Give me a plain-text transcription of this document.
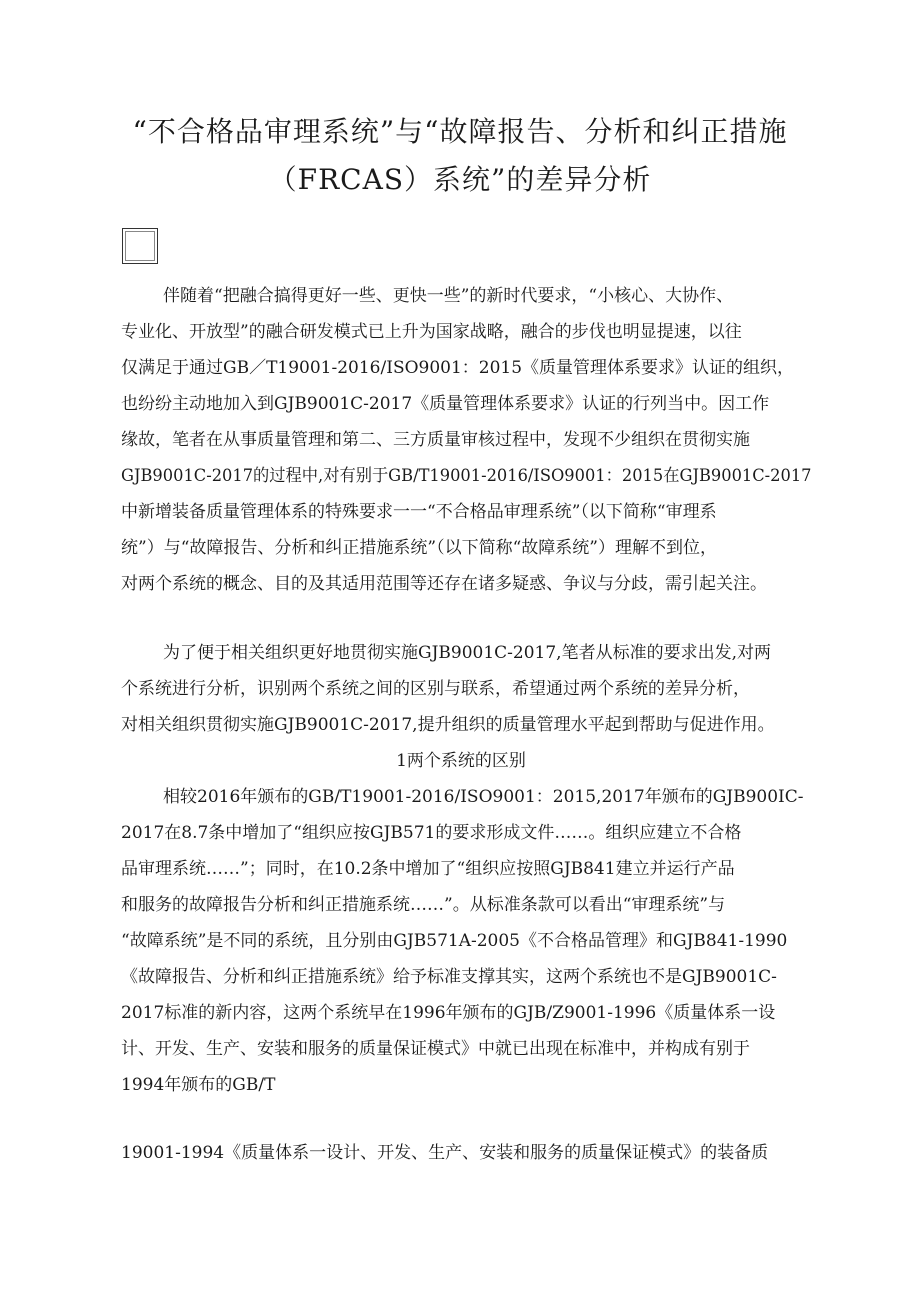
“不合格品审理系统”与“故障报告、分析和纠正措施
（FRCAS）系统”的差异分析
伴随着“把融合搞得更好一些、更快一些”的新时代要求，“小核心、大协作、
专业化、开放型”的融合研发模式已上升为国家战略，融合的步伐也明显提速，以往
仅满足于通过GB／T19001-2016/ISO9001：2015《质量管理体系要求》认证的组织，
也纷纷主动地加入到GJB9001C-2017《质量管理体系要求》认证的行列当中。因工作
缘故，笔者在从事质量管理和第二、三方质量审核过程中，发现不少组织在贯彻实施
GJB9001C-2017的过程中,对有别于GB/T19001-2016/ISO9001：2015在GJB9001C-2017
中新增装备质量管理体系的特殊要求一一“不合格品审理系统”（以下简称“审理系
统”）与“故障报告、分析和纠正措施系统”（以下简称“故障系统”）理解不到位，
对两个系统的概念、目的及其适用范围等还存在诸多疑惑、争议与分歧，需引起关注。
为了便于相关组织更好地贯彻实施GJB9001C-2017,笔者从标准的要求出发,对两
个系统进行分析，识别两个系统之间的区别与联系，希望通过两个系统的差异分析，
对相关组织贯彻实施GJB9001C-2017,提升组织的质量管理水平起到帮助与促进作用。
1两个系统的区别
相较2016年颁布的GB/T19001-2016/ISO9001：2015,2017年颁布的GJB900IC-
2017在8.7条中增加了“组织应按GJB571的要求形成文件……。组织应建立不合格
品审理系统……”；同时，在10.2条中增加了“组织应按照GJB841建立并运行产品
和服务的故障报告分析和纠正措施系统……”。从标准条款可以看出“审理系统”与
“故障系统”是不同的系统，且分别由GJB571A-2005《不合格品管理》和GJB841-1990
《故障报告、分析和纠正措施系统》给予标准支撑其实，这两个系统也不是GJB9001C-
2017标准的新内容，这两个系统早在1996年颁布的GJB/Z9001-1996《质量体系一设
计、开发、生产、安装和服务的质量保证模式》中就已出现在标准中，并构成有别于
1994年颁布的GB/T
19001-1994《质量体系一设计、开发、生产、安装和服务的质量保证模式》的装备质
